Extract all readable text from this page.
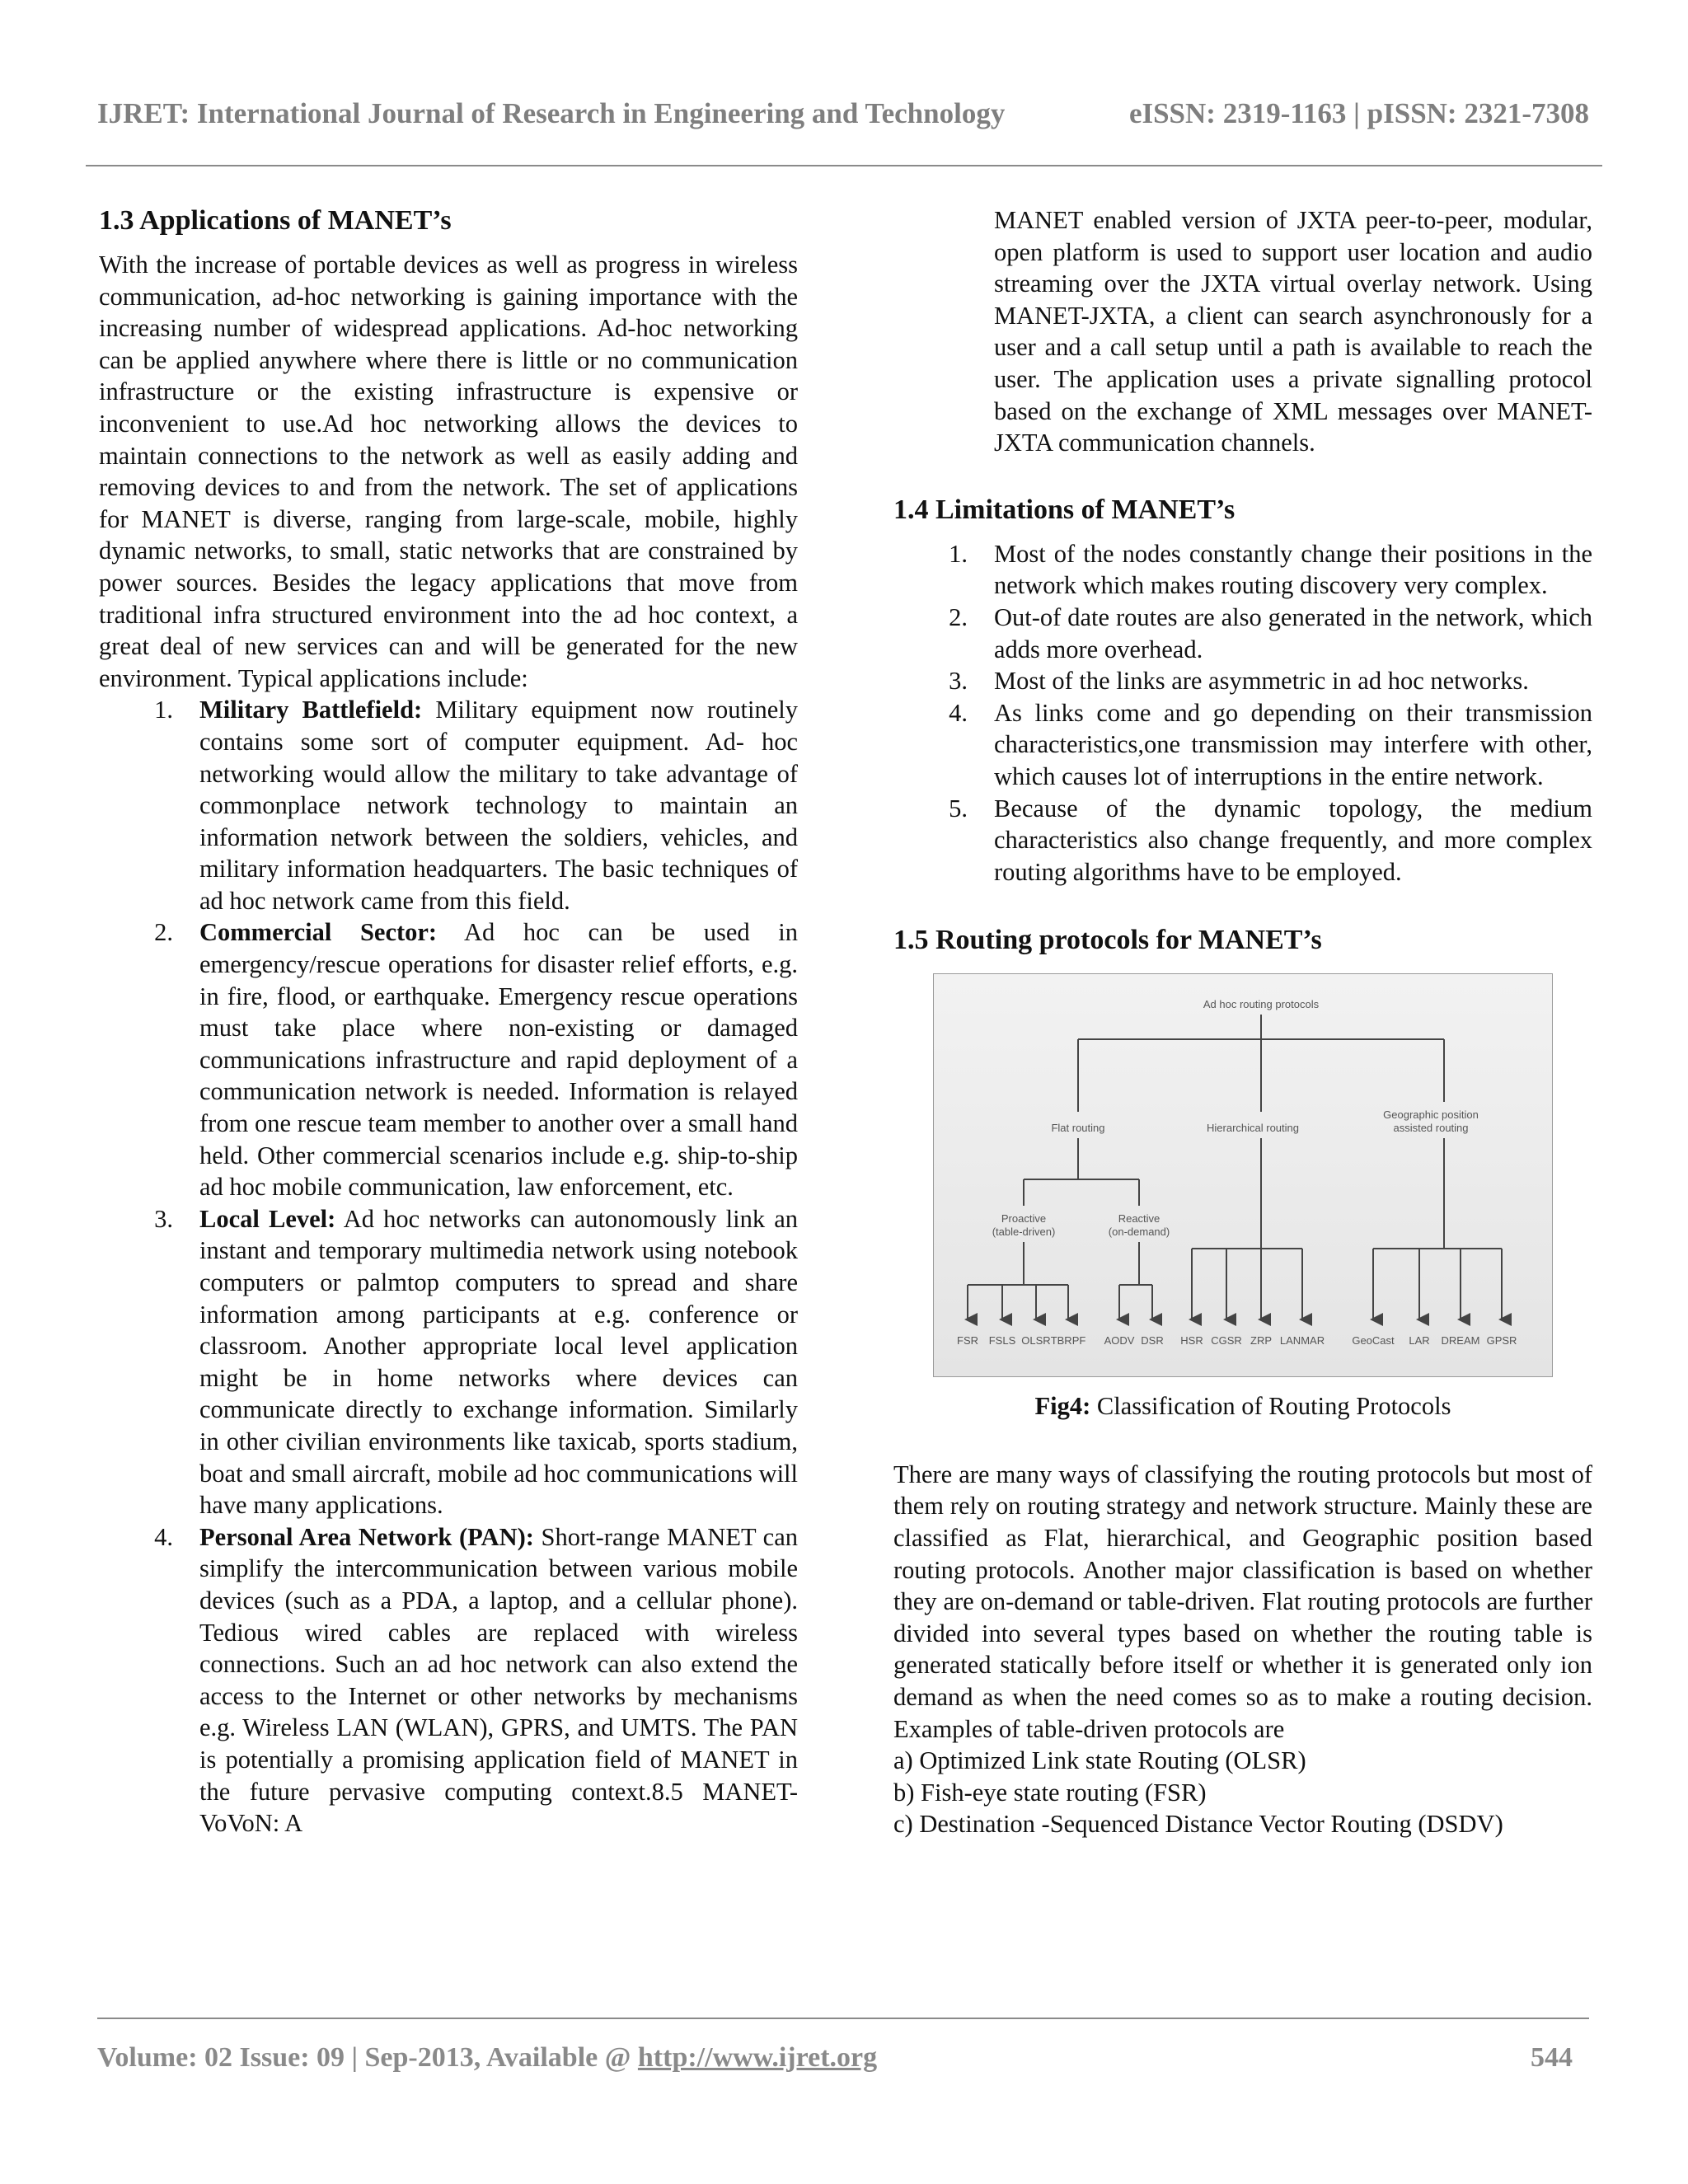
IJRET: International Journal of Research in Engineering and Technology	eISSN: 2319-1163 | pISSN: 2321-7308
1.3 Applications of MANET’s

With the increase of portable devices as well as progress in wireless communication, ad-hoc networking is gaining importance with the increasing number of widespread applications. Ad-hoc networking can be applied anywhere where there is little or no communication infrastructure or the existing infrastructure is expensive or inconvenient to use.Ad hoc networking allows the devices to maintain connections to the network as well as easily adding and removing devices to and from the network. The set of applications for MANET is diverse, ranging from large-scale, mobile, highly dynamic networks, to small, static networks that are constrained by power sources. Besides the legacy applications that move from traditional infra structured environment into the ad hoc context, a great deal of new services can and will be generated for the new environment. Typical applications include:

1. Military Battlefield: Military equipment now routinely contains some sort of computer equipment. Ad- hoc networking would allow the military to take advantage of commonplace network technology to maintain an information network between the soldiers, vehicles, and military information headquarters. The basic techniques of ad hoc network came from this field.
2. Commercial Sector: Ad hoc can be used in emergency/rescue operations for disaster relief efforts, e.g. in fire, flood, or earthquake. Emergency rescue operations must take place where non-existing or damaged communications infrastructure and rapid deployment of a communication network is needed. Information is relayed from one rescue team member to another over a small hand held. Other commercial scenarios include e.g. ship-to-ship ad hoc mobile communication, law enforcement, etc.
3. Local Level: Ad hoc networks can autonomously link an instant and temporary multimedia network using notebook computers or palmtop computers to spread and share information among participants at e.g. conference or classroom. Another appropriate local level application might be in home networks where devices can communicate directly to exchange information. Similarly in other civilian environments like taxicab, sports stadium, boat and small aircraft, mobile ad hoc communications will have many applications.
4. Personal Area Network (PAN): Short-range MANET can simplify the intercommunication between various mobile devices (such as a PDA, a laptop, and a cellular phone). Tedious wired cables are replaced with wireless connections. Such an ad hoc network can also extend the access to the Internet or other networks by mechanisms e.g. Wireless LAN (WLAN), GPRS, and UMTS. The PAN is potentially a promising application field of MANET in the future pervasive computing context.8.5 MANET-VoVoN: A

MANET enabled version of JXTA peer-to-peer, modular, open platform is used to support user location and audio streaming over the JXTA virtual overlay network. Using MANET-JXTA, a client can search asynchronously for a user and a call setup until a path is available to reach the user. The application uses a private signalling protocol based on the exchange of XML messages over MANET-JXTA communication channels.

1.4 Limitations of MANET’s
1. Most of the nodes constantly change their positions in the network which makes routing discovery very complex.
2. Out-of date routes are also generated in the network, which adds more overhead.
3. Most of the links are asymmetric in ad hoc networks.
4. As links come and go depending on their transmission characteristics,one transmission may interfere with other, which causes lot of interruptions in the entire network.
5. Because of the dynamic topology, the medium characteristics also change frequently, and more complex routing algorithms have to be employed.
1.5 Routing protocols for MANET’s
Ad hoc routing protocols
Flat routing	Hierarchical routing
Geographic position
assisted routing
Proactive
(table-driven)
Reactive
(on-demand)
FSR FSLS OLSR TBRPF AODV DSR HSR CGSR ZRP LANMAR	GeoCast LAR DREAM GPSR

Fig4: Classification of Routing Protocols

There are many ways of classifying the routing protocols but most of them rely on routing strategy and network structure. Mainly these are classified as Flat, hierarchical, and Geographic position based routing protocols. Another major classification is based on whether they are on-demand or table-driven. Flat routing protocols are further divided into several types based on whether the routing table is generated statically before itself or whether it is generated only ion demand as when the need comes so as to make a routing decision. Examples of table-driven protocols are

a) Optimized Link state Routing (OLSR)

b) Fish-eye state routing (FSR)

c) Destination -Sequenced Distance Vector Routing (DSDV)

Volume: 02 Issue: 09 | Sep-2013, Available @ http://www.ijret.org	544
